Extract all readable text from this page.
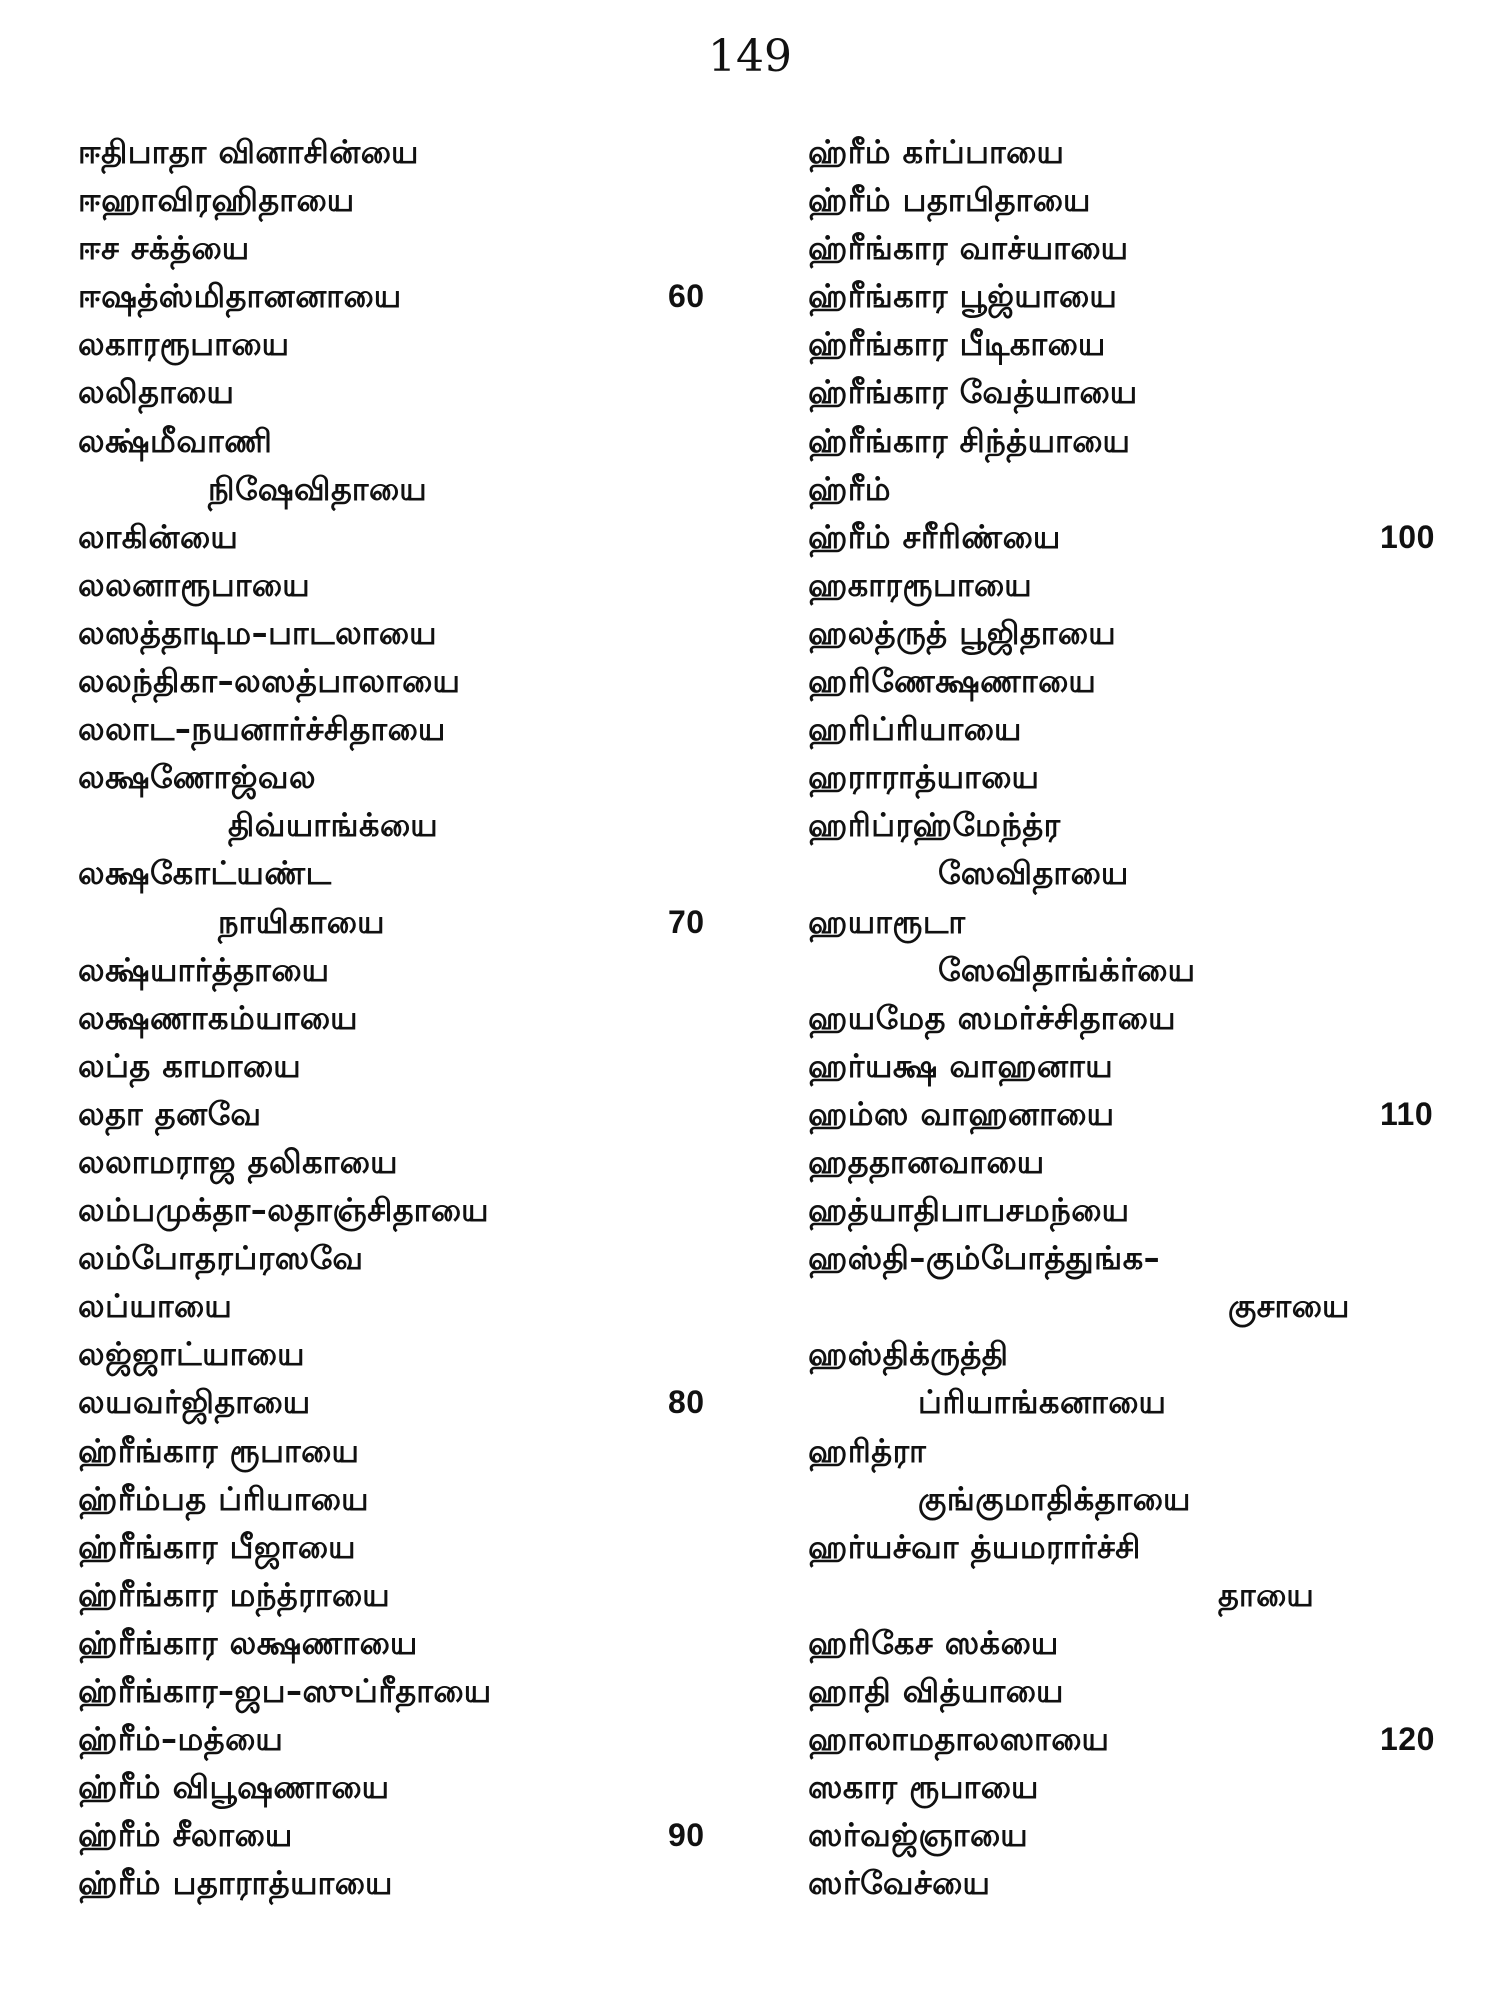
149
ஈதிபாதா வினாசின்யை
ஈஹாவிரஹிதாயை
ஈச சக்த்யை
ஈஷத்ஸ்மிதானனாயை	60
லகாரரூபாயை
லலிதாயை
லக்ஷ்மீவாணி
நிஷேவிதாயை
லாகின்யை
லலனாரூபாயை
லஸத்தாடிம–பாடலாயை
லலந்திகா–லஸத்பாலாயை
லலாட–நயனார்ச்சிதாயை
லக்ஷணோஜ்வல
திவ்யாங்க்யை
லக்ஷகோட்யண்ட
நாயிகாயை	70
லக்ஷ்யார்த்தாயை
லக்ஷணாகம்யாயை
லப்த காமாயை
லதா தனவே
லலாமராஜ தலிகாயை
லம்பமுக்தா–லதாஞ்சிதாயை
லம்போதரப்ரஸவே
லப்யாயை
லஜ்ஜாட்யாயை
லயவர்ஜிதாயை	80
ஹ்ரீங்கார ரூபாயை
ஹ்ரீம்பத ப்ரியாயை
ஹ்ரீங்கார பீஜாயை
ஹ்ரீங்கார மந்த்ராயை
ஹ்ரீங்கார லக்ஷணாயை
ஹ்ரீங்கார–ஜப–ஸுப்ரீதாயை
ஹ்ரீம்–மத்யை
ஹ்ரீம் விபூஷணாயை
ஹ்ரீம் சீலாயை	90
ஹ்ரீம் பதாராத்யாயை
ஹ்ரீம் கர்ப்பாயை
ஹ்ரீம் பதாபிதாயை
ஹ்ரீங்கார வாச்யாயை
ஹ்ரீங்கார பூஜ்யாயை
ஹ்ரீங்கார பீடிகாயை
ஹ்ரீங்கார வேத்யாயை
ஹ்ரீங்கார சிந்த்யாயை
ஹ்ரீம்
ஹ்ரீம் சரீரிண்யை	100
ஹகாரரூபாயை
ஹலத்ருத் பூஜிதாயை
ஹரிணேக்ஷணாயை
ஹரிப்ரியாயை
ஹராராத்யாயை
ஹரிப்ரஹ்மேந்த்ர
ஸேவிதாயை
ஹயாரூடா
ஸேவிதாங்க்ர்யை
ஹயமேத ஸமர்ச்சிதாயை
ஹர்யக்ஷ வாஹனாய
ஹம்ஸ வாஹனாயை	110
ஹததானவாயை
ஹத்யாதிபாபசமந்யை
ஹஸ்தி–கும்போத்துங்க–
குசாயை
ஹஸ்திக்ருத்தி
ப்ரியாங்கனாயை
ஹரித்ரா
குங்குமாதிக்தாயை
ஹர்யச்வா த்யமரார்ச்சி
தாயை
ஹரிகேச ஸக்யை
ஹாதி வித்யாயை
ஹாலாமதாலஸாயை	120
ஸகார ரூபாயை
ஸர்வஜ்ஞாயை
ஸர்வேச்யை
